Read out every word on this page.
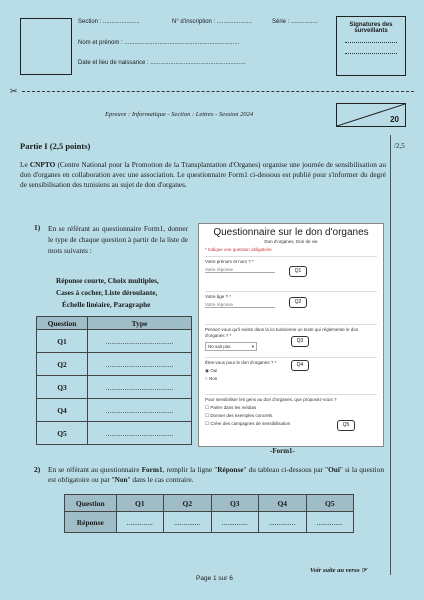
Section : ......................	N° d'inscription : .....................	Série : ................
Nom et prénom : .....................................................................
Date et lieu de naissance : .........................................................
Signatures des surveillants
✂
Epreuve : Informatique - Section : Lettres - Session 2024
20
Partie I (2,5 points)	/2,5
Le CNPTO (Centre National pour la Promotion de la Transplantation d'Organes) organise une journée de sensibilisation au don d'organes en collaboration avec une association. Le questionnaire Form1 ci-dessous est publié pour s'informer du degré de sensibilisation des tunisiens au sujet de don d'organes.
1) En se référant au questionnaire Form1, donner le type de chaque question à partir de la liste de mots suivants :
Réponse courte, Choix multiples,
Cases à cocher, Liste déroulante,
Échelle linéaire, Paragraphe
Question	Type
Q1	....................................
Q2	....................................
Q3	....................................
Q4	....................................
Q5	....................................
Questionnaire sur le don d'organes
Don d'organes, Don de vie
* Indique une question obligatoire
Votre prénom et nom ? *
Votre réponse
Votre âge ? *
Votre réponse
Pensez-vous qu'il existe dans la loi tunisienne un texte qui réglemente le don d'organes ? *
Ne sait pas	▾
Êtes-vous pour le don d'organes ? *
◉ Oui
○ Non
Pour sensibiliser les gens au don d'organes, que proposez-vous ?
☐ Parler dans les médias
☐ Donner des exemples concrets
☐ Créer des campagnes de sensibilisation
Q1
Q2
Q3
Q4
Q5
-Form1-
2) En se référant au questionnaire Form1, remplir la ligne "Réponse" du tableau ci-dessous par "Oui" si la question est obligatoire ou par "Non" dans le cas contraire.
Question	Q1	Q2	Q3	Q4	Q5
Réponse	..............	..............	..............	..............	..............
Voir suite au verso ☞
Page 1 sur 6
